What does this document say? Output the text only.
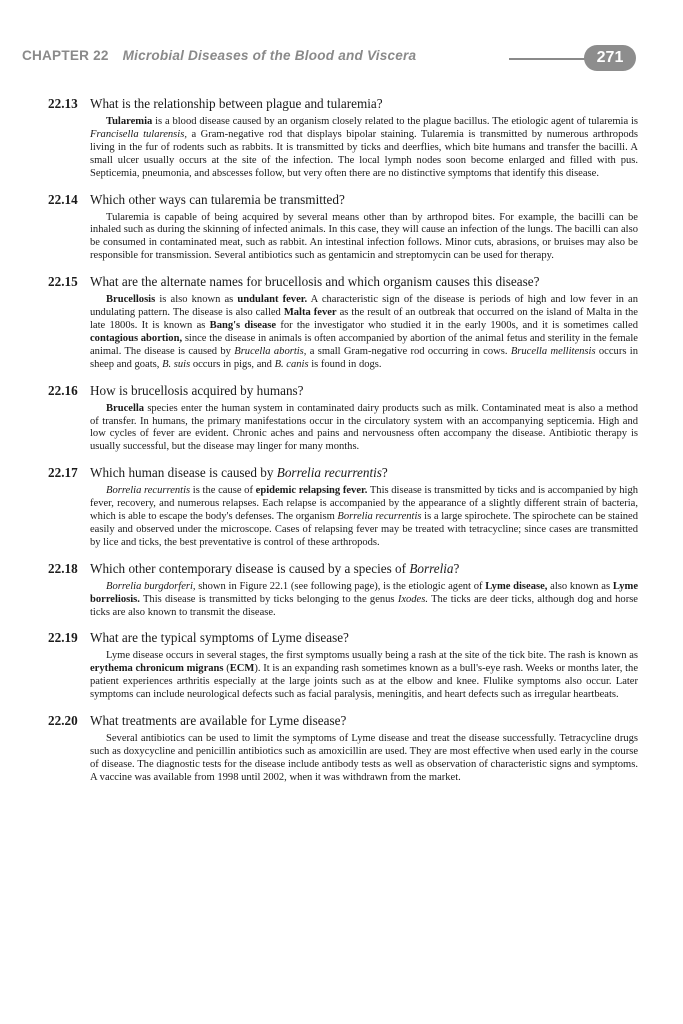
CHAPTER 22 Microbial Diseases of the Blood and Viscera	271
22.13 What is the relationship between plague and tularemia?
Tularemia is a blood disease caused by an organism closely related to the plague bacillus. The etiologic agent of tularemia is Francisella tularensis, a Gram-negative rod that displays bipolar staining. Tularemia is transmitted by numerous arthropods living in the fur of rodents such as rabbits. It is transmitted by ticks and deerflies, which bite humans and transfer the bacilli. A small ulcer usually occurs at the site of the infection. The local lymph nodes soon become enlarged and filled with pus. Septicemia, pneumonia, and abscesses follow, but very often there are no distinctive symptoms that identify this disease.
22.14 Which other ways can tularemia be transmitted?
Tularemia is capable of being acquired by several means other than by arthropod bites. For example, the bacilli can be inhaled such as during the skinning of infected animals. In this case, they will cause an infection of the lungs. The bacilli can also be consumed in contaminated meat, such as rabbit. An intestinal infection follows. Minor cuts, abrasions, or bruises may also be responsible for transmission. Several antibiotics such as gentamicin and streptomycin can be used for therapy.
22.15 What are the alternate names for brucellosis and which organism causes this disease?
Brucellosis is also known as undulant fever. A characteristic sign of the disease is periods of high and low fever in an undulating pattern. The disease is also called Malta fever as the result of an outbreak that occurred on the island of Malta in the late 1800s. It is known as Bang's disease for the investigator who studied it in the early 1900s, and it is sometimes called contagious abortion, since the disease in animals is often accompanied by abortion of the animal fetus and sterility in the female animal. The disease is caused by Brucella abortis, a small Gram-negative rod occurring in cows. Brucella mellitensis occurs in sheep and goats, B. suis occurs in pigs, and B. canis is found in dogs.
22.16 How is brucellosis acquired by humans?
Brucella species enter the human system in contaminated dairy products such as milk. Contaminated meat is also a method of transfer. In humans, the primary manifestations occur in the circulatory system with an accompanying septicemia. High and low cycles of fever are evident. Chronic aches and pains and nervousness often accompany the disease. Antibiotic therapy is usually successful, but the disease may linger for many months.
22.17 Which human disease is caused by Borrelia recurrentis?
Borrelia recurrentis is the cause of epidemic relapsing fever. This disease is transmitted by ticks and is accompanied by high fever, recovery, and numerous relapses. Each relapse is accompanied by the appearance of a slightly different strain of bacteria, which is able to escape the body's defenses. The organism Borrelia recurrentis is a large spirochete. The spirochete can be stained easily and observed under the microscope. Cases of relapsing fever may be treated with tetracycline; since cases are transmitted by lice and ticks, the best preventative is control of these arthropods.
22.18 Which other contemporary disease is caused by a species of Borrelia?
Borrelia burgdorferi, shown in Figure 22.1 (see following page), is the etiologic agent of Lyme disease, also known as Lyme borreliosis. This disease is transmitted by ticks belonging to the genus Ixodes. The ticks are deer ticks, although dog and horse ticks are also known to transmit the disease.
22.19 What are the typical symptoms of Lyme disease?
Lyme disease occurs in several stages, the first symptoms usually being a rash at the site of the tick bite. The rash is known as erythema chronicum migrans (ECM). It is an expanding rash sometimes known as a bull's-eye rash. Weeks or months later, the patient experiences arthritis especially at the large joints such as at the elbow and knee. Flulike symptoms also occur. Later symptoms can include neurological defects such as facial paralysis, meningitis, and heart defects such as irregular heartbeats.
22.20 What treatments are available for Lyme disease?
Several antibiotics can be used to limit the symptoms of Lyme disease and treat the disease successfully. Tetracycline drugs such as doxycycline and penicillin antibiotics such as amoxicillin are used. They are most effective when used early in the course of disease. The diagnostic tests for the disease include antibody tests as well as observation of characteristic signs and symptoms. A vaccine was available from 1998 until 2002, when it was withdrawn from the market.
